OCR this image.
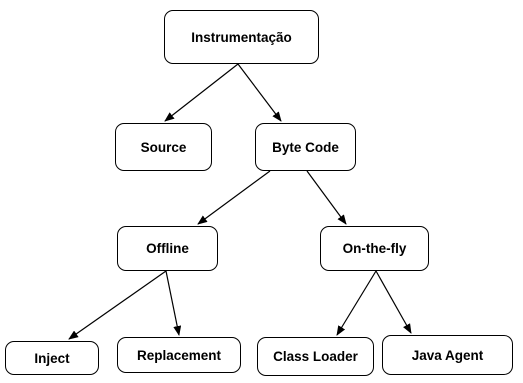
Instrumentação
Source	Byte Code
Offline	On-the-fly
Inject	Replacement	Class Loader	Java Agent
